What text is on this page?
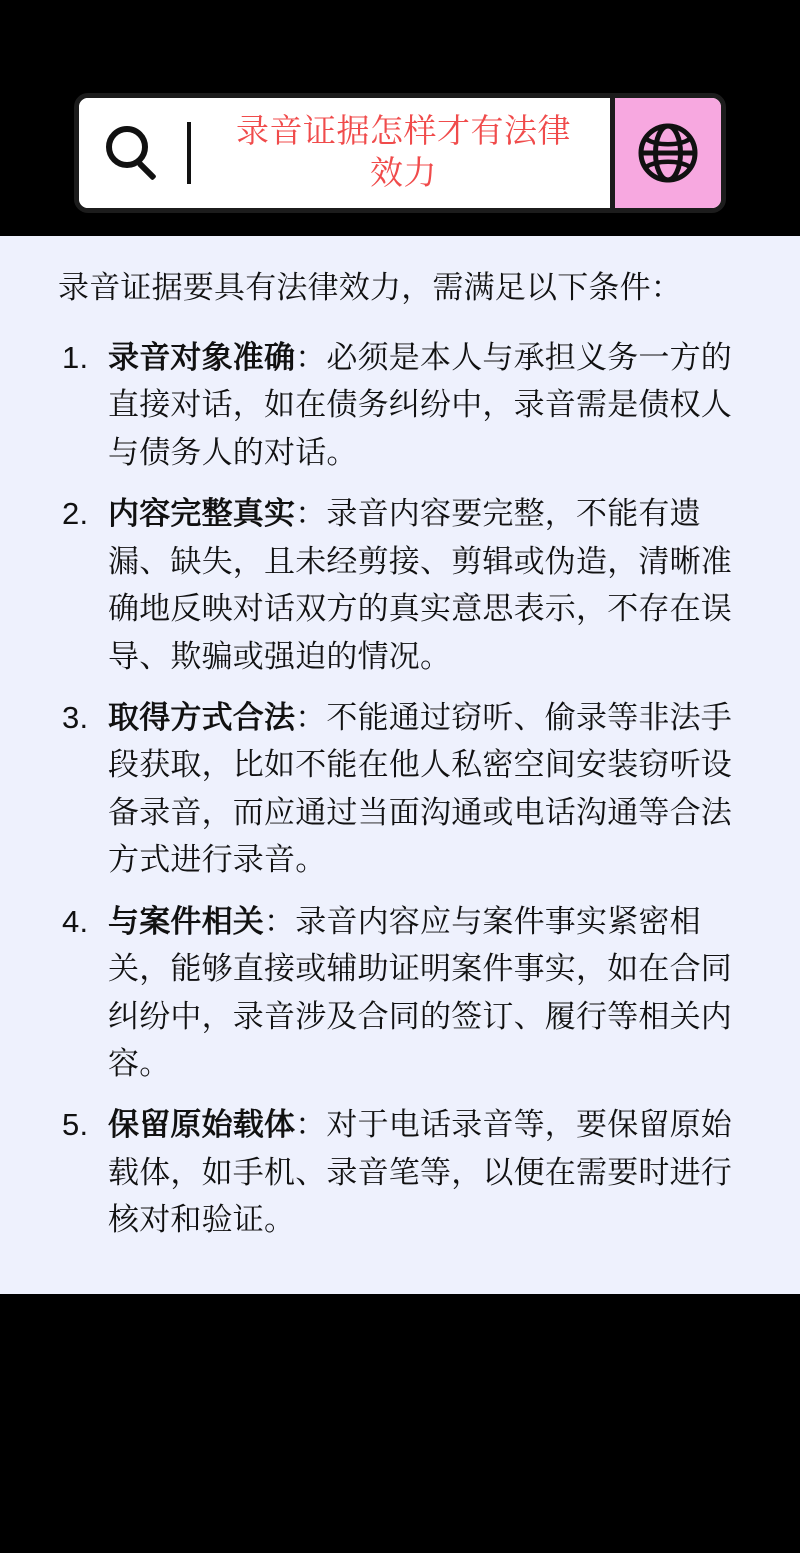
录音证据怎样才有法律效力

录音证据要具有法律效力，需满足以下条件：

录音对象准确：必须是本人与承担义务一方的直接对话，如在债务纠纷中，录音需是债权人与债务人的对话。
内容完整真实：录音内容要完整，不能有遗漏、缺失，且未经剪接、剪辑或伪造，清晰准确地反映对话双方的真实意思表示，不存在误导、欺骗或强迫的情况。
取得方式合法：不能通过窃听、偷录等非法手段获取，比如不能在他人私密空间安装窃听设备录音，而应通过当面沟通或电话沟通等合法方式进行录音。
与案件相关：录音内容应与案件事实紧密相关，能够直接或辅助证明案件事实，如在合同纠纷中，录音涉及合同的签订、履行等相关内容。
保留原始载体：对于电话录音等，要保留原始载体，如手机、录音笔等，以便在需要时进行核对和验证。
